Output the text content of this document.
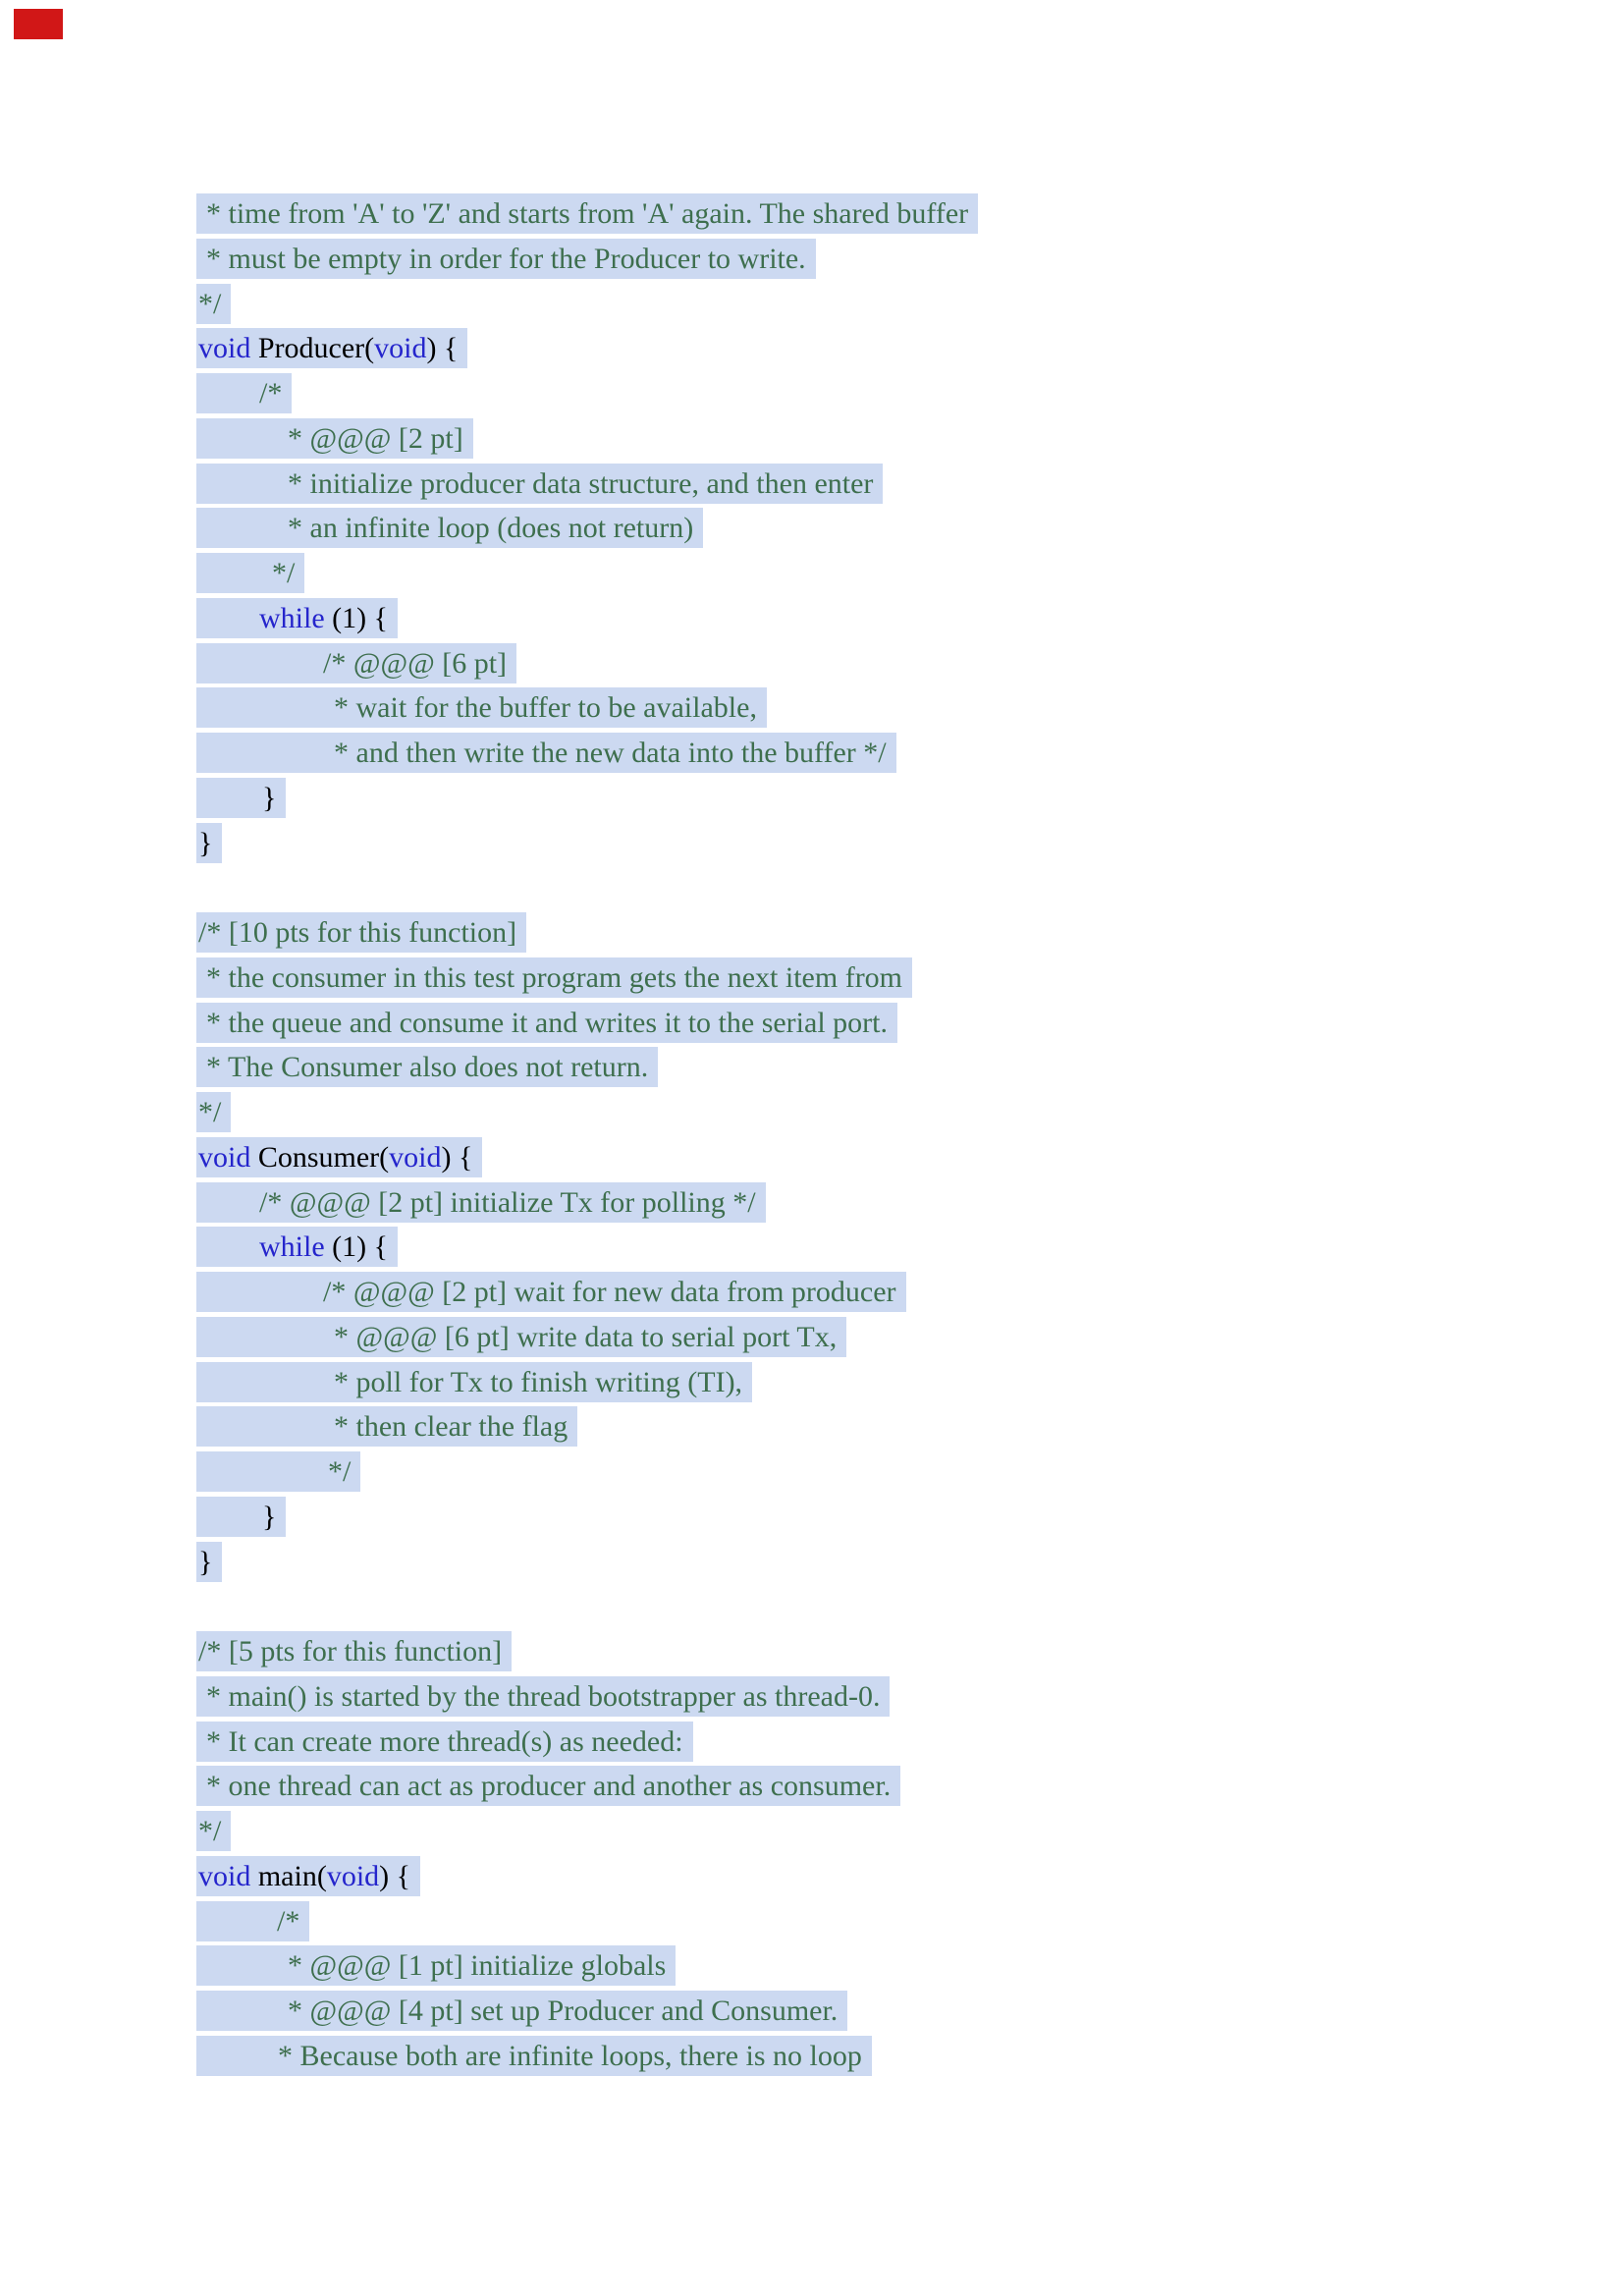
* time from 'A' to 'Z' and starts from 'A' again. The shared buffer
* must be empty in order for the Producer to write.
*/
void Producer(void) {
/*
* @@@ [2 pt]
* initialize producer data structure, and then enter
* an infinite loop (does not return)
*/
while (1) {
/* @@@ [6 pt]
* wait for the buffer to be available,
* and then write the new data into the buffer */
}
}
/* [10 pts for this function]
* the consumer in this test program gets the next item from
* the queue and consume it and writes it to the serial port.
* The Consumer also does not return.
*/
void Consumer(void) {
/* @@@ [2 pt] initialize Tx for polling */
while (1) {
/* @@@ [2 pt] wait for new data from producer
* @@@ [6 pt] write data to serial port Tx,
* poll for Tx to finish writing (TI),
* then clear the flag
*/
}
}
/* [5 pts for this function]
* main() is started by the thread bootstrapper as thread-0.
* It can create more thread(s) as needed:
* one thread can act as producer and another as consumer.
*/
void main(void) {
/*
* @@@ [1 pt] initialize globals
* @@@ [4 pt] set up Producer and Consumer.
* Because both are infinite loops, there is no loop
